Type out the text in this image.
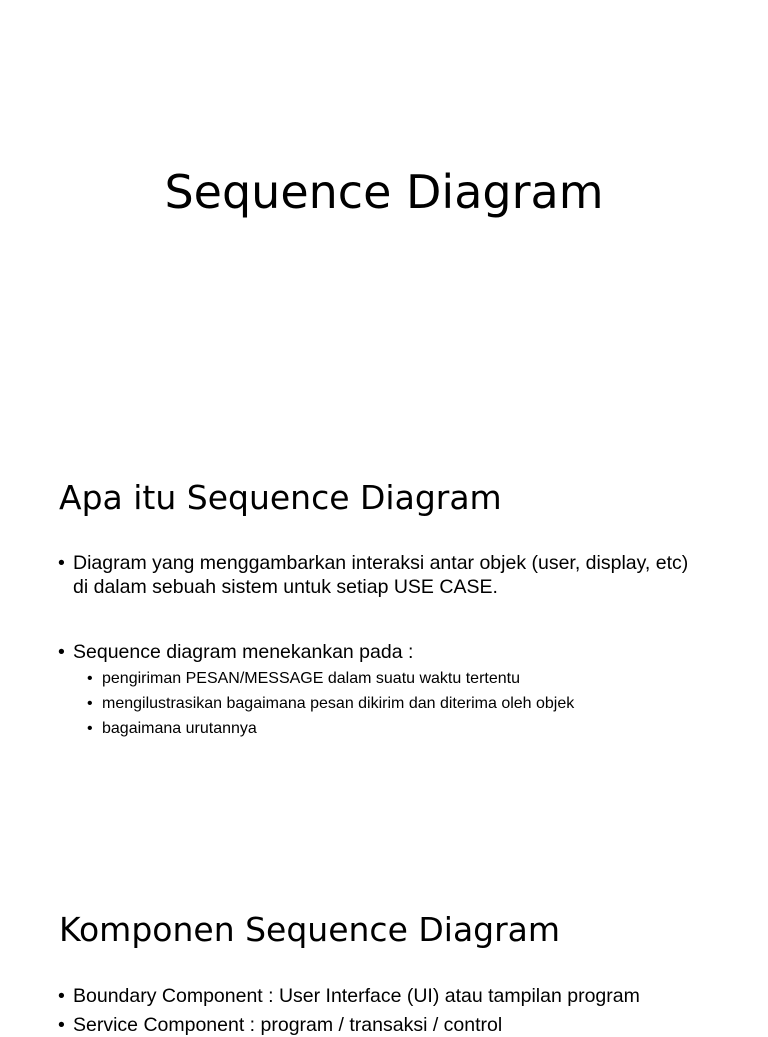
Sequence Diagram
Apa itu Sequence Diagram
• Diagram yang menggambarkan interaksi antar objek (user, display, etc) di dalam sebuah sistem untuk setiap USE CASE.
• Sequence diagram menekankan pada :
• pengiriman PESAN/MESSAGE dalam suatu waktu tertentu
• mengilustrasikan bagaimana pesan dikirim dan diterima oleh objek
• bagaimana urutannya
Komponen Sequence Diagram
• Boundary Component : User Interface (UI) atau tampilan program
• Service Component : program / transaksi / control
